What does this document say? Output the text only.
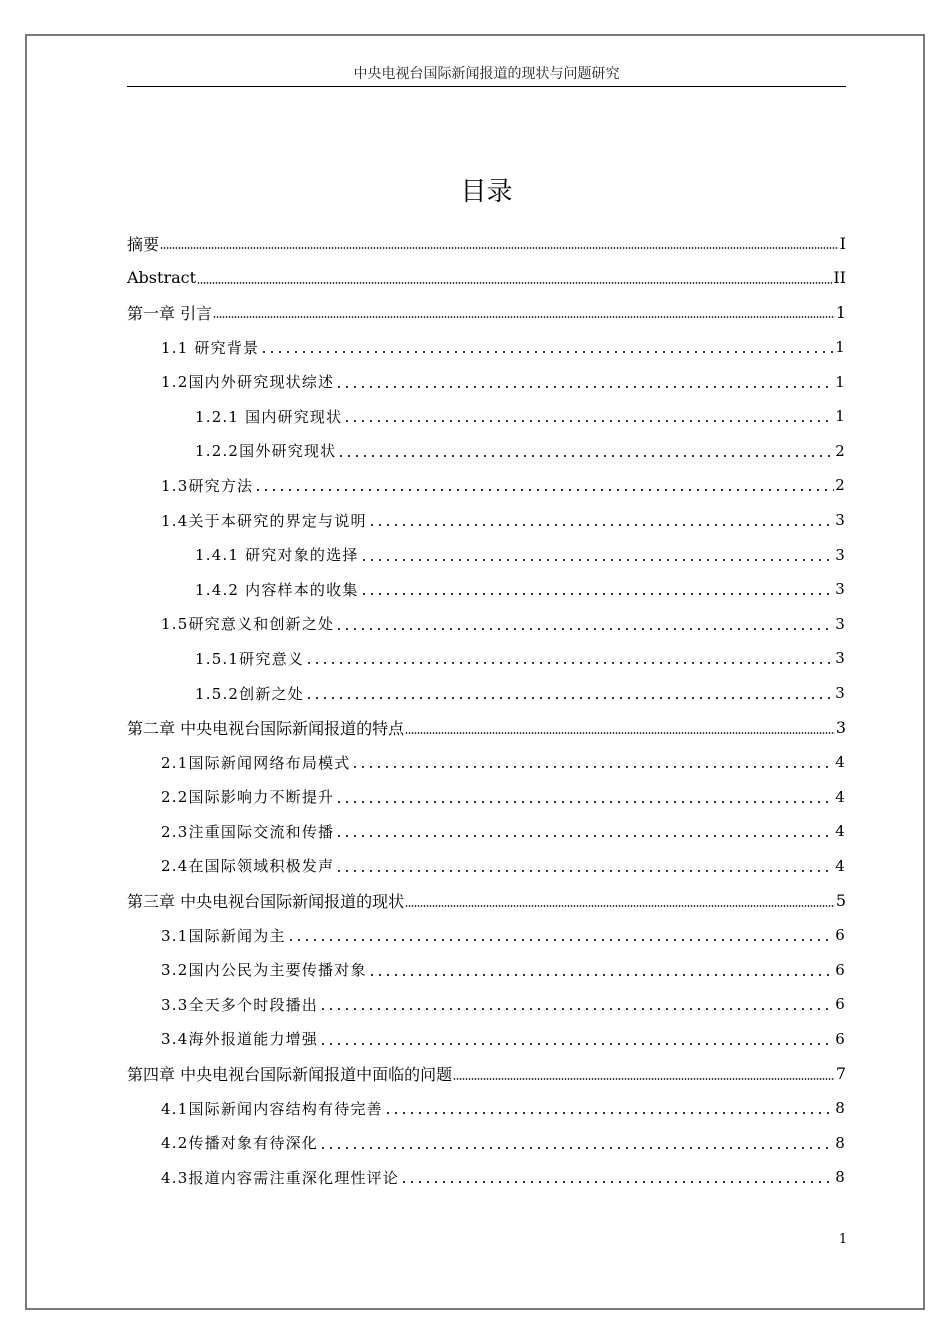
中央电视台国际新闻报道的现状与问题研究
目录
摘要	I
Abstract	II
第一章 引言	1
1.1 研究背景	1
1.2国内外研究现状综述	1
1.2.1 国内研究现状	1
1.2.2国外研究现状	2
1.3研究方法	2
1.4关于本研究的界定与说明	3
1.4.1 研究对象的选择	3
1.4.2 内容样本的收集	3
1.5研究意义和创新之处	3
1.5.1研究意义	3
1.5.2创新之处	3
第二章 中央电视台国际新闻报道的特点	3
2.1国际新闻网络布局模式	4
2.2国际影响力不断提升	4
2.3注重国际交流和传播	4
2.4在国际领域积极发声	4
第三章 中央电视台国际新闻报道的现状	5
3.1国际新闻为主	6
3.2国内公民为主要传播对象	6
3.3全天多个时段播出	6
3.4海外报道能力增强	6
第四章 中央电视台国际新闻报道中面临的问题	7
4.1国际新闻内容结构有待完善	8
4.2传播对象有待深化	8
4.3报道内容需注重深化理性评论	8
1
